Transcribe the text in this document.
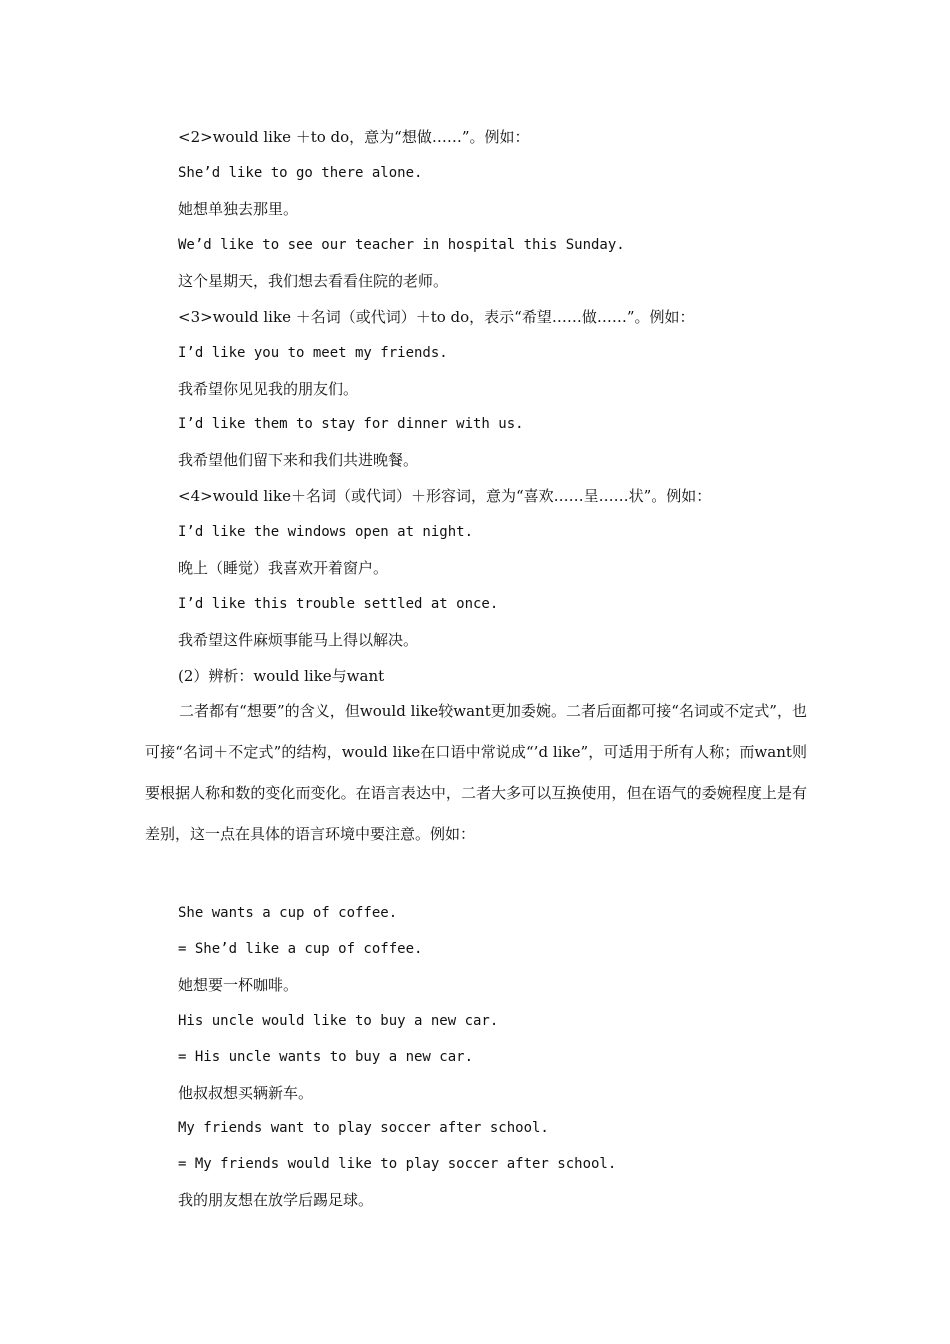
<2>would like ＋to do，意为“想做……”。例如：
She’d like to go there alone.
她想单独去那里。
We’d like to see our teacher in hospital this Sunday.
这个星期天，我们想去看看住院的老师。
<3>would like ＋名词（或代词）＋to do，表示“希望……做……”。例如：
I’d like you to meet my friends.
我希望你见见我的朋友们。
I’d like them to stay for dinner with us.
我希望他们留下来和我们共进晚餐。
<4>would like＋名词（或代词）＋形容词，意为“喜欢……呈……状”。例如：
I’d like the windows open at night.
晚上（睡觉）我喜欢开着窗户。
I’d like this trouble settled at once.
我希望这件麻烦事能马上得以解决。
(2）辨析：would like与want
二者都有“想要”的含义，但would like较want更加委婉。二者后面都可接“名词或不定式”，也可接“名词＋不定式”的结构，would like在口语中常说成“’d like”，可适用于所有人称；而want则要根据人称和数的变化而变化。在语言表达中，二者大多可以互换使用，但在语气的委婉程度上是有差别，这一点在具体的语言环境中要注意。例如：
She wants a cup of coffee.
= She’d like a cup of coffee.
她想要一杯咖啡。
His uncle would like to buy a new car.
= His uncle wants to buy a new car.
他叔叔想买辆新车。
My friends want to play soccer after school.
= My friends would like to play soccer after school.
我的朋友想在放学后踢足球。
